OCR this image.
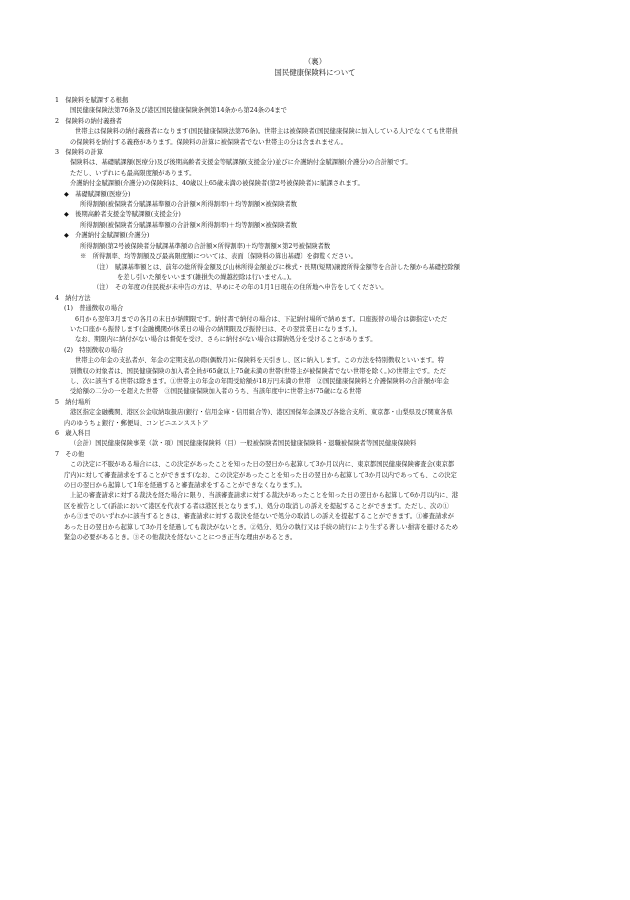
（裏）
国民健康保険料について
1　保険料を賦課する根拠
国民健康保険法第76条及び港区国民健康保険条例第14条から第24条の4まで
2　保険料の納付義務者
世帯主は保険料の納付義務者になります(国民健康保険法第76条)。世帯主は被保険者(国民健康保険に加入している人)でなくても世帯員
の保険料を納付する義務があります。保険料の計算に被保険者でない世帯主の分は含まれません。
3　保険料の計算
保険料は、基礎賦課額(医療分)及び後期高齢者支援金等賦課額(支援金分)並びに介護納付金賦課額(介護分)の合計額です。
ただし、いずれにも最高限度額があります。
介護納付金賦課額(介護分)の保険料は、40歳以上65歳未満の被保険者(第2号被保険者)に賦課されます。
◆　基礎賦課額(医療分)
所得割額(被保険者分賦課基準額の合計額×所得割率)＋均等割額×被保険者数
◆　後期高齢者支援金等賦課額(支援金分)
所得割額(被保険者分賦課基準額の合計額×所得割率)＋均等割額×被保険者数
◆　介護納付金賦課額(介護分)
所得割額(第2号被保険者分賦課基準額の合計額×所得割率)＋均等割額×第2号被保険者数
※　所得割率、均等割額及び最高限度額については、表面〔保険料の算出基礎〕を御覧ください。
（注）　賦課基準額とは、前年の総所得金額及び山林所得金額並びに株式・長期(短期)譲渡所得金額等を合計した額から基礎控除額
を差し引いた額をいいます(雑損失の繰越控除は行いません。)。
（注）　その年度の住民税が未申告の方は、早めにその年の1月1日現在の住所地へ申告をしてください。
4　納付方法
(1)　普通徴収の場合
6月から翌年3月までの各月の末日が納期限です。納付書で納付の場合は、下記納付場所で納めます。口座振替の場合は御指定いただ
いた口座から振替します(金融機関が休業日の場合の納期限及び振替日は、その翌営業日になります。)。
なお、期限内に納付がない場合は督促を受け、さらに納付がない場合は滞納処分を受けることがあります。
(2)　特別徴収の場合
世帯主の年金の支払者が、年金の定期支払の際(偶数月)に保険料を天引きし、区に納入します。この方法を特別徴収といいます。特
別徴収の対象者は、国民健康保険の加入者全員が65歳以上75歳未満の世帯(世帯主が被保険者でない世帯を除く。)の世帯主です。ただ
し、次に該当する世帯は除きます。①世帯主の年金の年間受給額が18万円未満の世帯　②国民健康保険料と介護保険料の合計額が年金
受給額の二分の一を超えた世帯　③国民健康保険加入者のうち、当該年度中に世帯主が75歳になる世帯
5　納付場所
港区指定金融機関、港区公金収納取扱店(銀行・信用金庫・信用組合等)、港区国保年金課及び各総合支所、東京都・山梨県及び関東各県
内のゆうちょ銀行・郵便局、コンビニエンスストア
6　歳入科目
（会計）国民健康保険事業（款・項）国民健康保険料（目）一般被保険者国民健康保険料・退職被保険者等国民健康保険料
7　その他
この決定に不服がある場合には、この決定があったことを知った日の翌日から起算して3か月以内に、東京都国民健康保険審査会(東京都
庁内)に対して審査請求をすることができます(なお、この決定があったことを知った日の翌日から起算して3か月以内であっても、この決定
の日の翌日から起算して1年を経過すると審査請求をすることができなくなります。)。
上記の審査請求に対する裁決を経た場合に限り、当該審査請求に対する裁決があったことを知った日の翌日から起算して6か月以内に、港
区を被告として(訴訟において港区を代表する者は港区長となります。)、処分の取消しの訴えを提起することができます。ただし、次の①
から③までのいずれかに該当するときは、審査請求に対する裁決を経ないで処分の取消しの訴えを提起することができます。①審査請求が
あった日の翌日から起算して3か月を経過しても裁決がないとき。②処分、処分の執行又は手続の続行により生ずる著しい損害を避けるため
緊急の必要があるとき。③その他裁決を経ないことにつき正当な理由があるとき。
